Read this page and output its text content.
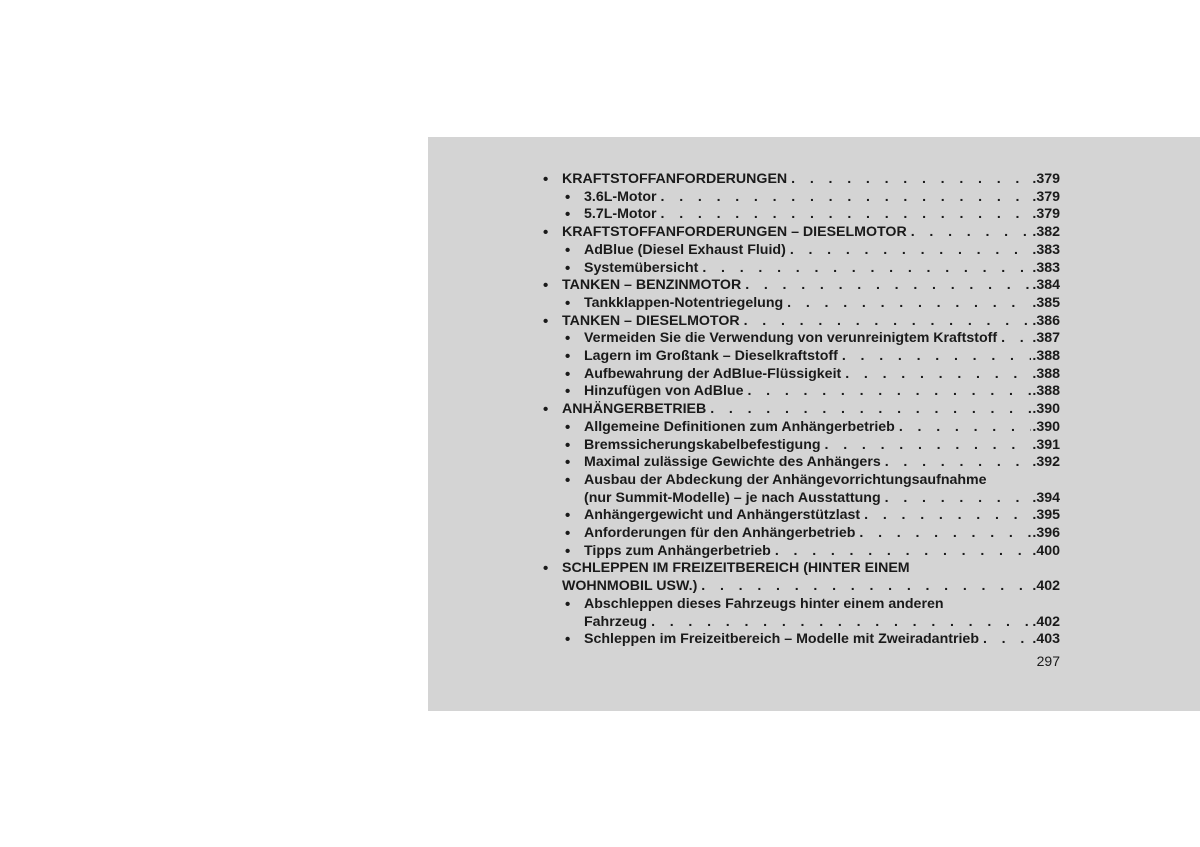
• KRAFTSTOFFANFORDERUNGEN . . .	.379
• 3.6L-Motor . . .	.379
• 5.7L-Motor . . .	.379
• KRAFTSTOFFANFORDERUNGEN – DIESELMOTOR . . .	.382
• AdBlue (Diesel Exhaust Fluid) . . .	.383
• Systemübersicht . . .	.383
• TANKEN – BENZINMOTOR . . .	.384
• Tankklappen-Notentriegelung . . .	.385
• TANKEN – DIESELMOTOR . . .	.386
• Vermeiden Sie die Verwendung von verunreinigtem Kraftstoff . . . .387
• Lagern im Großtank – Dieselkraftstoff . . .	.388
• Aufbewahrung der AdBlue-Flüssigkeit . . .	.388
• Hinzufügen von AdBlue . . .	.388
• ANHÄNGERBETRIEB . . .	.390
• Allgemeine Definitionen zum Anhängerbetrieb . . .	.390
• Bremssicherungskabelbefestigung . . .	.391
• Maximal zulässige Gewichte des Anhängers . . .	.392
• Ausbau der Abdeckung der Anhängevorrichtungsaufnahme
(nur Summit-Modelle) – je nach Ausstattung . . .	.394
• Anhängergewicht und Anhängerstützlast . . .	.395
• Anforderungen für den Anhängerbetrieb . . .	.396
• Tipps zum Anhängerbetrieb . . .	.400
• SCHLEPPEN IM FREIZEITBEREICH (HINTER EINEM
WOHNMOBIL USW.) . . .	.402
• Abschleppen dieses Fahrzeugs hinter einem anderen
Fahrzeug . . .	.402
• Schleppen im Freizeitbereich – Modelle mit Zweiradantrieb . . .	.403
297
